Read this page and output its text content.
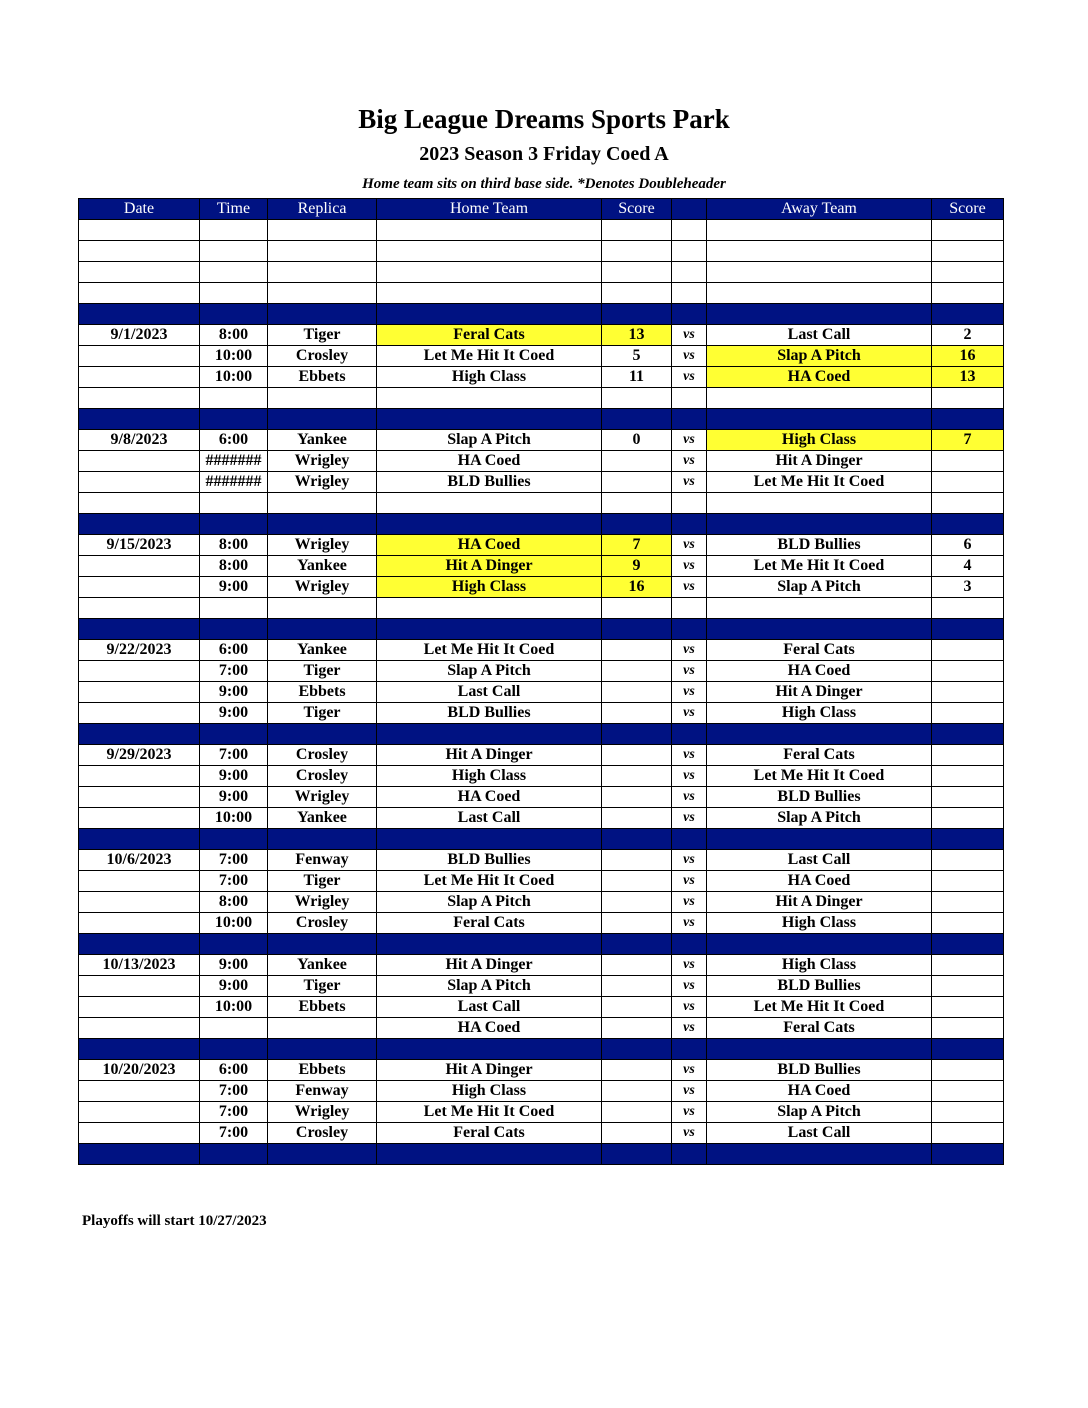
Big League Dreams Sports Park
2023 Season 3 Friday Coed A
Home team sits on third base side. *Denotes Doubleheader
Date	Time	Replica	Home Team	Score		Away Team	Score

9/1/2023	8:00	Tiger	Feral Cats	13	vs	Last Call	2
	10:00	Crosley	Let Me Hit It Coed	5	vs	Slap A Pitch	16
	10:00	Ebbets	High Class	11	vs	HA Coed	13

9/8/2023	6:00	Yankee	Slap A Pitch	0	vs	High Class	7
	#######	Wrigley	HA Coed		vs	Hit A Dinger	
	#######	Wrigley	BLD Bullies		vs	Let Me Hit It Coed	

9/15/2023	8:00	Wrigley	HA Coed	7	vs	BLD Bullies	6
	8:00	Yankee	Hit A Dinger	9	vs	Let Me Hit It Coed	4
	9:00	Wrigley	High Class	16	vs	Slap A Pitch	3

9/22/2023	6:00	Yankee	Let Me Hit It Coed		vs	Feral Cats	
	7:00	Tiger	Slap A Pitch		vs	HA Coed	
	9:00	Ebbets	Last Call		vs	Hit A Dinger	
	9:00	Tiger	BLD Bullies		vs	High Class	

9/29/2023	7:00	Crosley	Hit A Dinger		vs	Feral Cats	
	9:00	Crosley	High Class		vs	Let Me Hit It Coed	
	9:00	Wrigley	HA Coed		vs	BLD Bullies	
	10:00	Yankee	Last Call		vs	Slap A Pitch	

10/6/2023	7:00	Fenway	BLD Bullies		vs	Last Call	
	7:00	Tiger	Let Me Hit It Coed		vs	HA Coed	
	8:00	Wrigley	Slap A Pitch		vs	Hit A Dinger	
	10:00	Crosley	Feral Cats		vs	High Class	

10/13/2023	9:00	Yankee	Hit A Dinger		vs	High Class	
	9:00	Tiger	Slap A Pitch		vs	BLD Bullies	
	10:00	Ebbets	Last Call		vs	Let Me Hit It Coed	
			HA Coed		vs	Feral Cats	

10/20/2023	6:00	Ebbets	Hit A Dinger		vs	BLD Bullies	
	7:00	Fenway	High Class		vs	HA Coed	
	7:00	Wrigley	Let Me Hit It Coed		vs	Slap A Pitch	
	7:00	Crosley	Feral Cats		vs	Last Call	

Playoffs will start 10/27/2023
